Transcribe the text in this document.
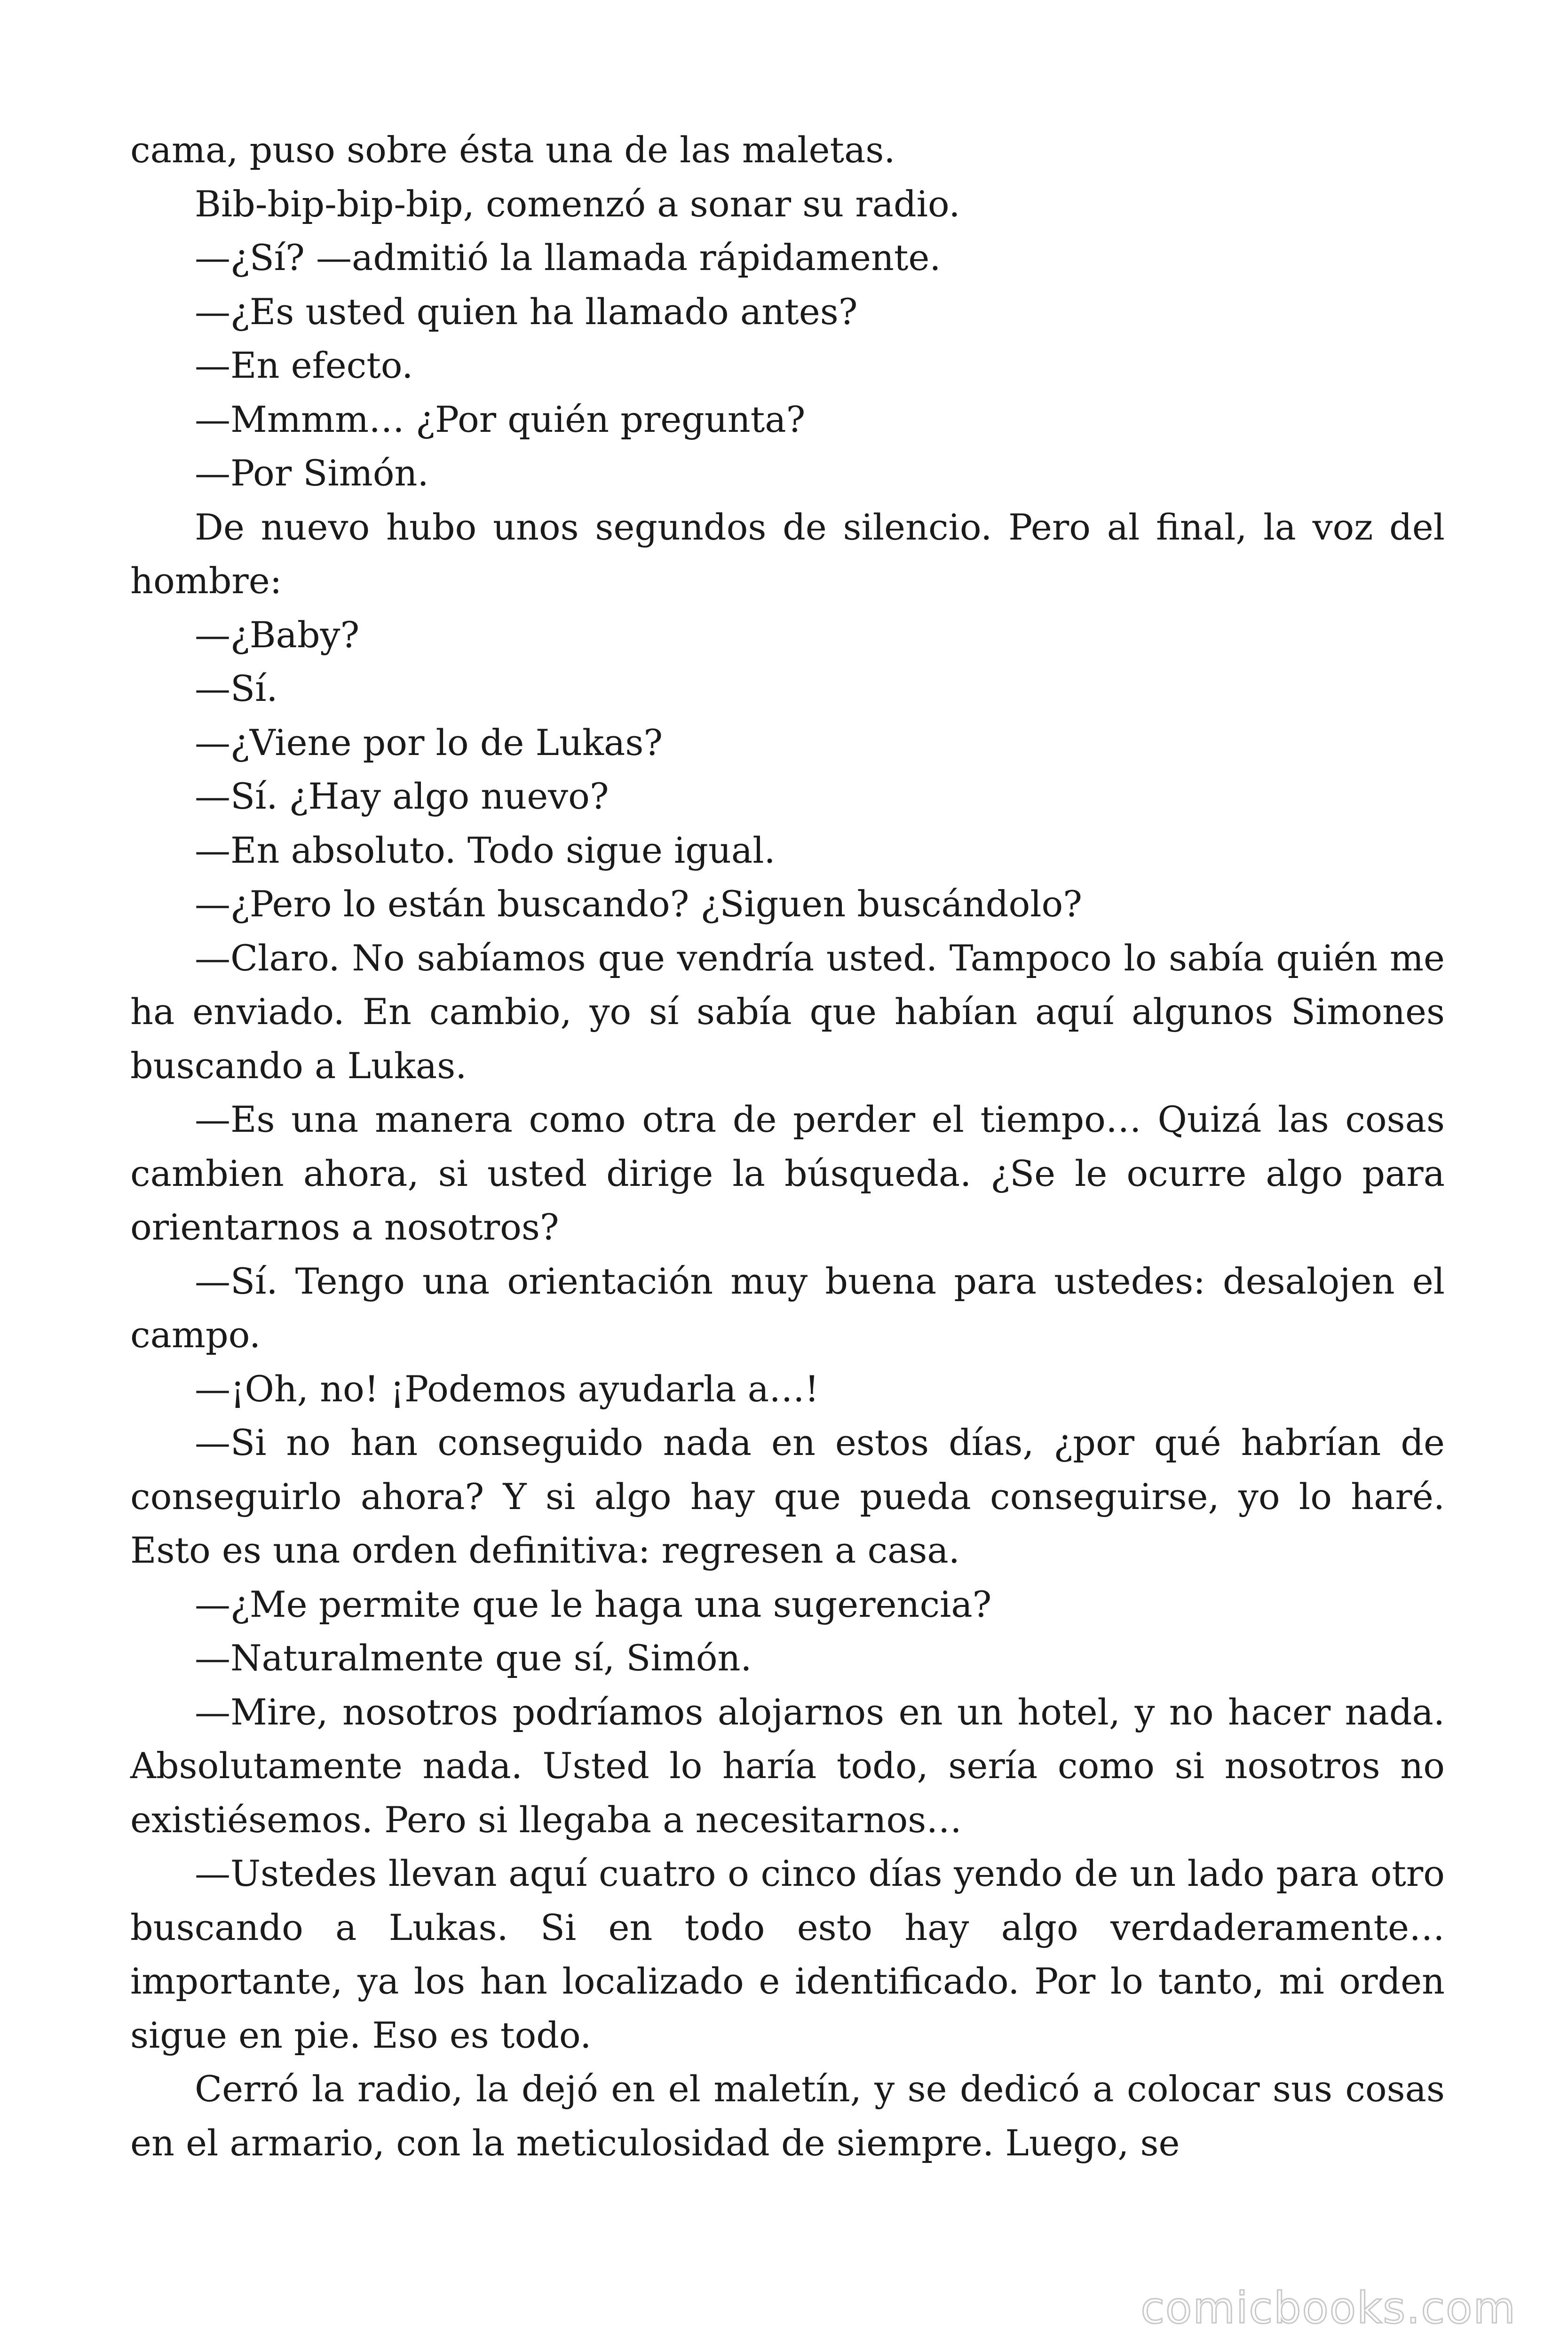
cama, puso sobre ésta una de las maletas.

Bib-bip-bip-bip, comenzó a sonar su radio.

—¿Sí? —admitió la llamada rápidamente.

—¿Es usted quien ha llamado antes?

—En efecto.

—Mmmm… ¿Por quién pregunta?

—Por Simón.

De nuevo hubo unos segundos de silencio. Pero al final, la voz del hombre:

—¿Baby?

—Sí.

—¿Viene por lo de Lukas?

—Sí. ¿Hay algo nuevo?

—En absoluto. Todo sigue igual.

—¿Pero lo están buscando? ¿Siguen buscándolo?

—Claro. No sabíamos que vendría usted. Tampoco lo sabía quién me ha enviado. En cambio, yo sí sabía que habían aquí algunos Simones buscando a Lukas.

—Es una manera como otra de perder el tiempo… Quizá las cosas cambien ahora, si usted dirige la búsqueda. ¿Se le ocurre algo para orientarnos a nosotros?

—Sí. Tengo una orientación muy buena para ustedes: desalojen el campo.

—¡Oh, no! ¡Podemos ayudarla a…!

—Si no han conseguido nada en estos días, ¿por qué habrían de conseguirlo ahora? Y si algo hay que pueda conseguirse, yo lo haré. Esto es una orden definitiva: regresen a casa.

—¿Me permite que le haga una sugerencia?

—Naturalmente que sí, Simón.

—Mire, nosotros podríamos alojarnos en un hotel, y no hacer nada. Absolutamente nada. Usted lo haría todo, sería como si nosotros no existiésemos. Pero si llegaba a necesitarnos…

—Ustedes llevan aquí cuatro o cinco días yendo de un lado para otro buscando a Lukas. Si en todo esto hay algo verdaderamente… importante, ya los han localizado e identificado. Por lo tanto, mi orden sigue en pie. Eso es todo.

Cerró la radio, la dejó en el maletín, y se dedicó a colocar sus cosas en el armario, con la meticulosidad de siempre. Luego, se

comicbooks.com
